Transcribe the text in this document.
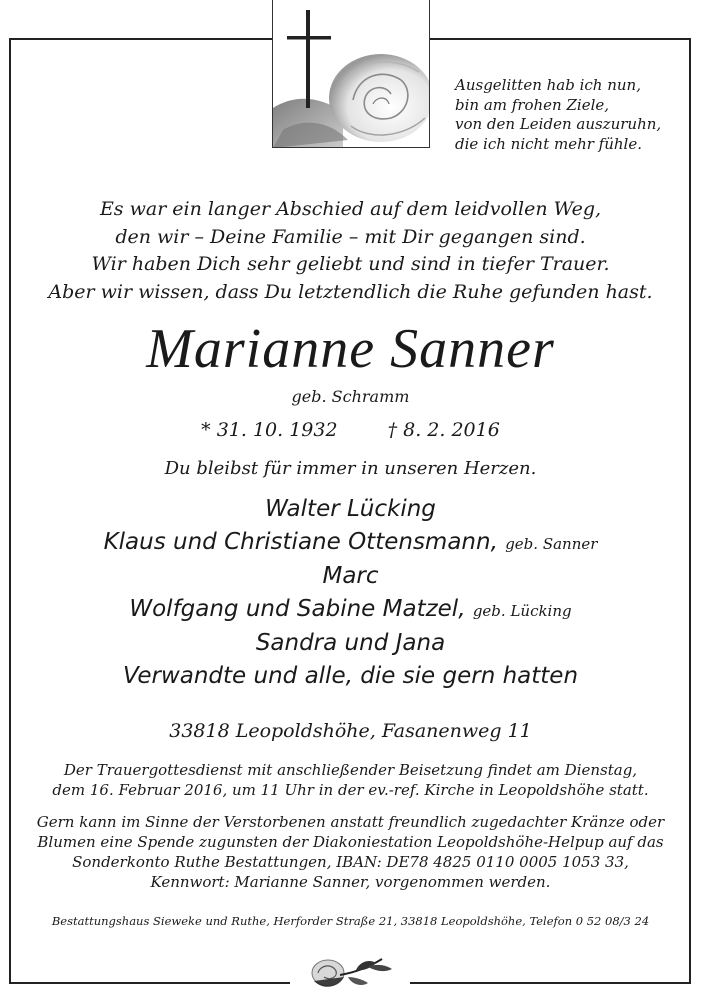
Ausgelitten hab ich nun,
bin am frohen Ziele,
von den Leiden auszuruhn,
die ich nicht mehr fühle.
Es war ein langer Abschied auf dem leidvollen Weg,
den wir – Deine Familie – mit Dir gegangen sind.
Wir haben Dich sehr geliebt und sind in tiefer Trauer.
Aber wir wissen, dass Du letztendlich die Ruhe gefunden hast.
Marianne Sanner
geb. Schramm
* 31. 10. 1932	† 8. 2. 2016
Du bleibst für immer in unseren Herzen.
Walter Lücking
Klaus und Christiane Ottensmann, geb. Sanner
Marc
Wolfgang und Sabine Matzel, geb. Lücking
Sandra und Jana
Verwandte und alle, die sie gern hatten
33818 Leopoldshöhe, Fasanenweg 11
Der Trauergottesdienst mit anschließender Beisetzung findet am Dienstag,
dem 16. Februar 2016, um 11 Uhr in der ev.-ref. Kirche in Leopoldshöhe statt.
Gern kann im Sinne der Verstorbenen anstatt freundlich zugedachter Kränze oder
Blumen eine Spende zugunsten der Diakoniestation Leopoldshöhe-Helpup auf das
Sonderkonto Ruthe Bestattungen, IBAN: DE78 4825 0110 0005 1053 33,
Kennwort: Marianne Sanner, vorgenommen werden.
Bestattungshaus Sieweke und Ruthe, Herforder Straße 21, 33818 Leopoldshöhe, Telefon 0 52 08/3 24
